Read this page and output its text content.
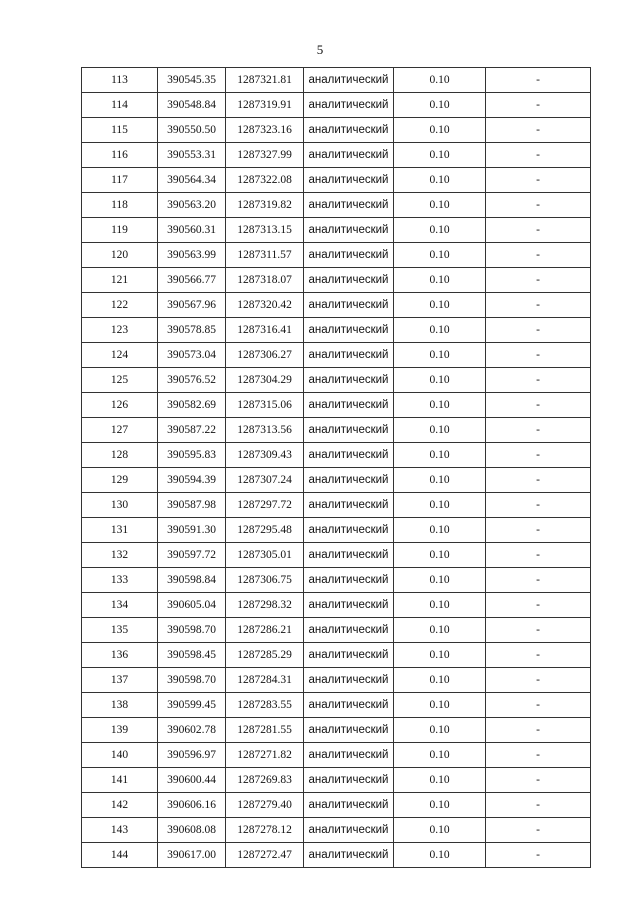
5
113	390545.35	1287321.81	аналитический	0.10	-
114	390548.84	1287319.91	аналитический	0.10	-
115	390550.50	1287323.16	аналитический	0.10	-
116	390553.31	1287327.99	аналитический	0.10	-
117	390564.34	1287322.08	аналитический	0.10	-
118	390563.20	1287319.82	аналитический	0.10	-
119	390560.31	1287313.15	аналитический	0.10	-
120	390563.99	1287311.57	аналитический	0.10	-
121	390566.77	1287318.07	аналитический	0.10	-
122	390567.96	1287320.42	аналитический	0.10	-
123	390578.85	1287316.41	аналитический	0.10	-
124	390573.04	1287306.27	аналитический	0.10	-
125	390576.52	1287304.29	аналитический	0.10	-
126	390582.69	1287315.06	аналитический	0.10	-
127	390587.22	1287313.56	аналитический	0.10	-
128	390595.83	1287309.43	аналитический	0.10	-
129	390594.39	1287307.24	аналитический	0.10	-
130	390587.98	1287297.72	аналитический	0.10	-
131	390591.30	1287295.48	аналитический	0.10	-
132	390597.72	1287305.01	аналитический	0.10	-
133	390598.84	1287306.75	аналитический	0.10	-
134	390605.04	1287298.32	аналитический	0.10	-
135	390598.70	1287286.21	аналитический	0.10	-
136	390598.45	1287285.29	аналитический	0.10	-
137	390598.70	1287284.31	аналитический	0.10	-
138	390599.45	1287283.55	аналитический	0.10	-
139	390602.78	1287281.55	аналитический	0.10	-
140	390596.97	1287271.82	аналитический	0.10	-
141	390600.44	1287269.83	аналитический	0.10	-
142	390606.16	1287279.40	аналитический	0.10	-
143	390608.08	1287278.12	аналитический	0.10	-
144	390617.00	1287272.47	аналитический	0.10	-
